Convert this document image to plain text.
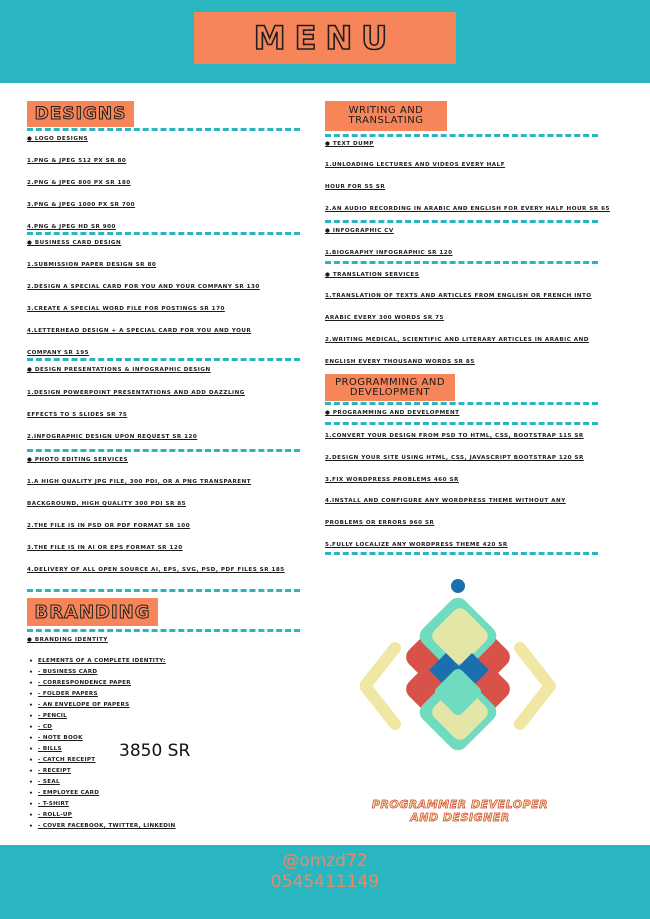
MENU
DESIGNS
● LOGO DESIGNS
1.PNG & JPEG 512 PX SR 80
2.PNG & JPEG 800 PX SR 180
3.PNG & JPEG 1000 PX SR 700
4.PNG & JPEG HD SR 900
● BUSINESS CARD DESIGN
1.SUBMISSION PAPER DESIGN SR 80
2.DESIGN A SPECIAL CARD FOR YOU AND YOUR COMPANY SR 130
3.CREATE A SPECIAL WORD FILE FOR POSTINGS SR 170
4.LETTERHEAD DESIGN + A SPECIAL CARD FOR YOU AND YOUR
COMPANY SR 195
● DESIGN PRESENTATIONS & INFOGRAPHIC DESIGN
1.DESIGN POWERPOINT PRESENTATIONS AND ADD DAZZLING
EFFECTS TO 5 SLIDES SR 75
2.INFOGRAPHIC DESIGN UPON REQUEST SR 120
● PHOTO EDITING SERVICES
1.A HIGH QUALITY JPG FILE, 300 PDI, OR A PNG TRANSPARENT
BACKGROUND, HIGH QUALITY 300 PDI SR 85
2.THE FILE IS IN PSD OR PDF FORMAT SR 100
3.THE FILE IS IN AI OR EPS FORMAT SR 120
4.DELIVERY OF ALL OPEN SOURCE AI, EPS, SVG, PSD, PDF FILES SR 185
BRANDING
● BRANDING IDENTITY
• ELEMENTS OF A COMPLETE IDENTITY:
• - BUSINESS CARD
• - CORRESPONDENCE PAPER
• - FOLDER PAPERS
• - AN ENVELOPE OF PAPERS
• - PENCIL
• - CD
• - NOTE BOOK
• - BILLS
• - CATCH RECEIPT
• - RECEIPT
• - SEAL
• - EMPLOYEE CARD
• - T-SHIRT
• - ROLL-UP
• - COVER FACEBOOK, TWITTER, LINKEDIN
3850 SR
WRITING AND TRANSLATING
● TEXT DUMP
1.UNLOADING LECTURES AND VIDEOS EVERY HALF
HOUR FOR 55 SR
2.AN AUDIO RECORDING IN ARABIC AND ENGLISH FOR EVERY HALF HOUR SR 65
● INFOGRAPHIC CV
1.BIOGRAPHY INFOGRAPHIC SR 120
● TRANSLATION SERVICES
1.TRANSLATION OF TEXTS AND ARTICLES FROM ENGLISH OR FRENCH INTO
ARABIC EVERY 300 WORDS SR 75
2.WRITING MEDICAL, SCIENTIFIC AND LITERARY ARTICLES IN ARABIC AND
ENGLISH EVERY THOUSAND WORDS SR 85
PROGRAMMING AND DEVELOPMENT
● PROGRAMMING AND DEVELOPMENT
1.CONVERT YOUR DESIGN FROM PSD TO HTML, CSS, BOOTSTRAP 115 SR
2.DESIGN YOUR SITE USING HTML, CSS, JAVASCRIPT BOOTSTRAP 120 SR
3.FIX WORDPRESS PROBLEMS 460 SR
4.INSTALL AND CONFIGURE ANY WORDPRESS THEME WITHOUT ANY
PROBLEMS OR ERRORS 960 SR
5.FULLY LOCALIZE ANY WORDPRESS THEME 420 SR
PROGRAMMER DEVELOPER AND DESIGNER
@omzd72
0545411149
